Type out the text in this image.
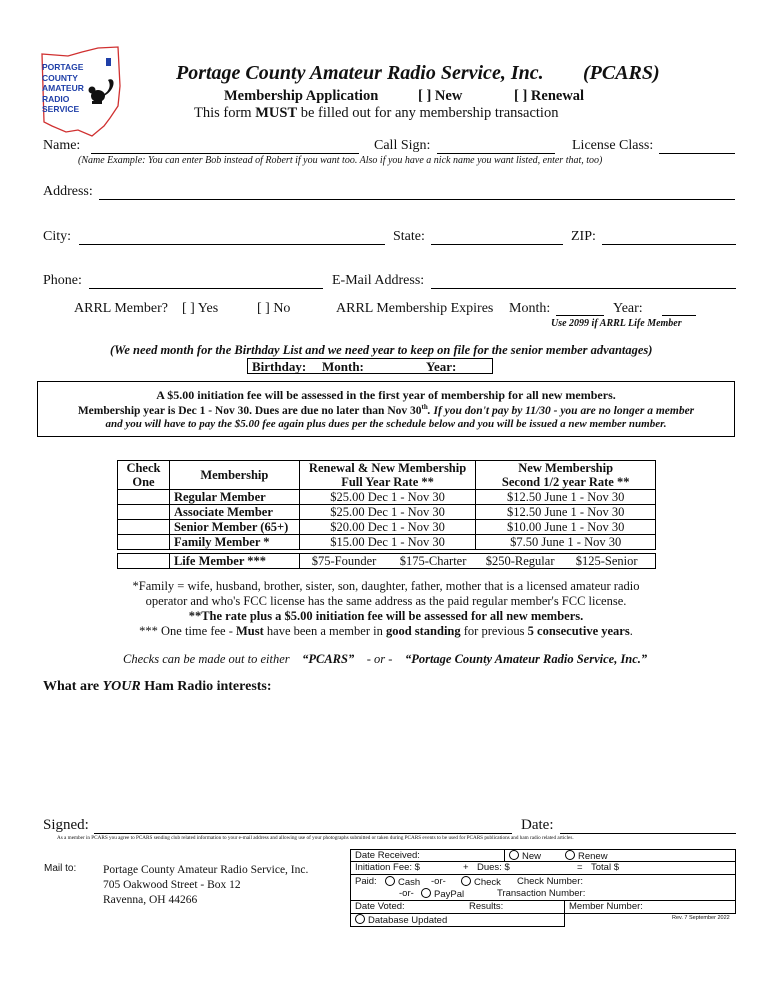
PORTAGE
COUNTY
AMATEUR
RADIO
SERVICE
Portage County Amateur Radio Service, Inc. (PCARS)
Membership Application	[ ] New	[ ] Renewal
This form MUST be filled out for any membership transaction
Name:	Call Sign:	License Class:
(Name Example: You can enter Bob instead of Robert if you want too. Also if you have a nick name you want listed, enter that, too)
Address:
City:	State:	ZIP:
Phone:	E-Mail Address:
ARRL Member? [ ] Yes	[ ] No	ARRL Membership Expires Month:	Year:
Use 2099 if ARRL Life Member
(We need month for the Birthday List and we need year to keep on file for the senior member advantages)
Birthday: Month:	Year:
A $5.00 initiation fee will be assessed in the first year of membership for all new members.
Membership year is Dec 1 - Nov 30. Dues are due no later than Nov 30th. If you don't pay by 11/30 - you are no longer a member
and you will have to pay the $5.00 fee again plus dues per the schedule below and you will be issued a new member number.
Check
One	Membership	Renewal & New Membership	New Membership
		Full Year Rate **	Second 1/2 year Rate **
	Regular Member	$25.00 Dec 1 - Nov 30	$12.50 June 1 - Nov 30
	Associate Member	$25.00 Dec 1 - Nov 30	$12.50 June 1 - Nov 30
	Senior Member (65+)	$20.00 Dec 1 - Nov 30	$10.00 June 1 - Nov 30
	Family Member *	$15.00 Dec 1 - Nov 30	$7.50 June 1 - Nov 30

	Life Member ***	$75-Founder $175-Charter $250-Regular $125-Senior	
*Family = wife, husband, brother, sister, son, daughter, father, mother that is a licensed amateur radio
operator and who's FCC license has the same address as the paid regular member's FCC license.
**The rate plus a $5.00 initiation fee will be assessed for all new members.
*** One time fee - Must have been a member in good standing for previous 5 consecutive years.
Checks can be made out to either “PCARS” - or - “Portage County Amateur Radio Service, Inc.”
What are YOUR Ham Radio interests:
Signed:	Date:
As a member in PCARS you agree to PCARS sending club related information to your e-mail address and allowing use of your photographs submitted or taken during PCARS events to be used for PCARS publications and ham radio related articles.
Mail to: Portage County Amateur Radio Service, Inc.
705 Oakwood Street - Box 12
Ravenna, OH 44266
Date Received:	New	Renew
Initiation Fee: $	+ Dues: $	= Total $
Paid:	Cash -or-	Check Check Number:
-or-	PayPal	Transaction Number:
Date Voted:	Results:	Member Number:
Database Updated	Rev. 7 September 2022
